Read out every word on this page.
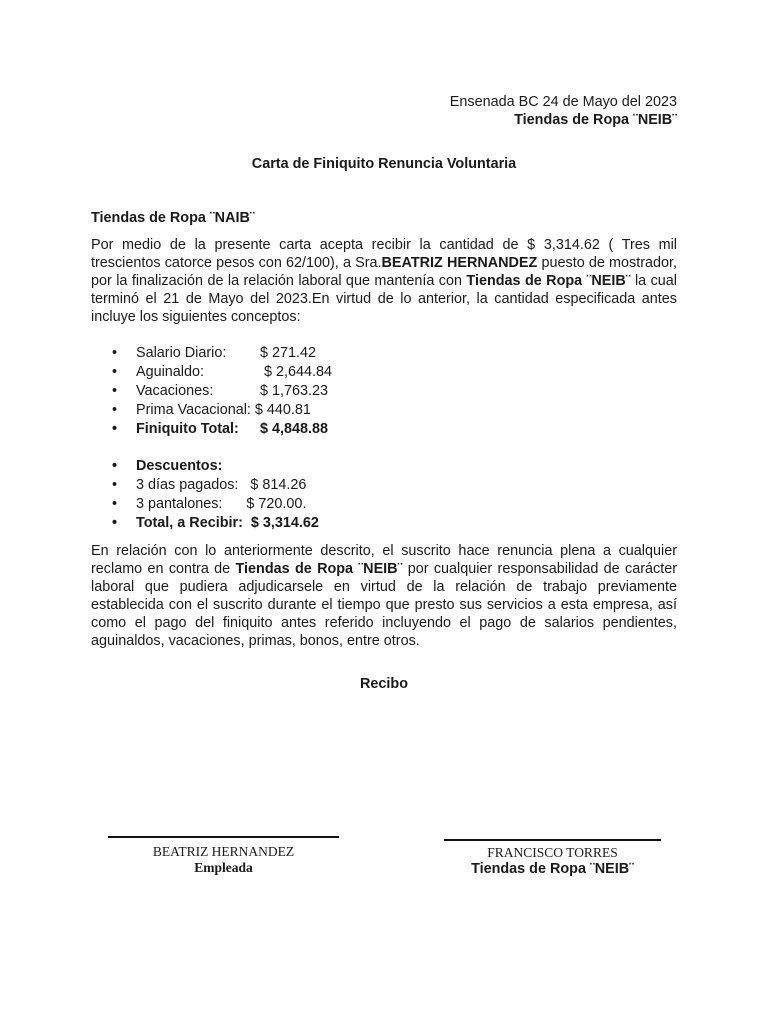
Ensenada BC 24 de Mayo del 2023
Tiendas de Ropa ¨NEIB¨
Carta de Finiquito Renuncia Voluntaria
Tiendas de Ropa ¨NAIB¨
Por medio de la presente carta acepta recibir la cantidad de $ 3,314.62 ( Tres mil trescientos catorce pesos con 62/100), a Sra.BEATRIZ HERNANDEZ puesto de mostrador, por la finalización de la relación laboral que mantenía con Tiendas de Ropa ¨NEIB¨ la cual terminó el 21 de Mayo del 2023.En virtud de lo anterior, la cantidad especificada antes incluye los siguientes conceptos:
• Salario Diario: $ 271.42
• Aguinaldo:	$ 2,644.84
• Vacaciones:	$ 1,763.23
• Prima Vacacional: $ 440.81
• Finiquito Total: $ 4,848.88
• Descuentos:
• 3 días pagados: $ 814.26
• 3 pantalones: $ 720.00.
• Total, a Recibir: $ 3,314.62
En relación con lo anteriormente descrito, el suscrito hace renuncia plena a cualquier reclamo en contra de Tiendas de Ropa ¨NEIB¨ por cualquier responsabilidad de carácter laboral que pudiera adjudicarsele en virtud de la relación de trabajo previamente establecida con el suscrito durante el tiempo que presto sus servicios a esta empresa, así como el pago del finiquito antes referido incluyendo el pago de salarios pendientes, aguinaldos, vacaciones, primas, bonos, entre otros.
Recibo
BEATRIZ HERNANDEZ
Empleada
FRANCISCO TORRES
Tiendas de Ropa ¨NEIB¨
